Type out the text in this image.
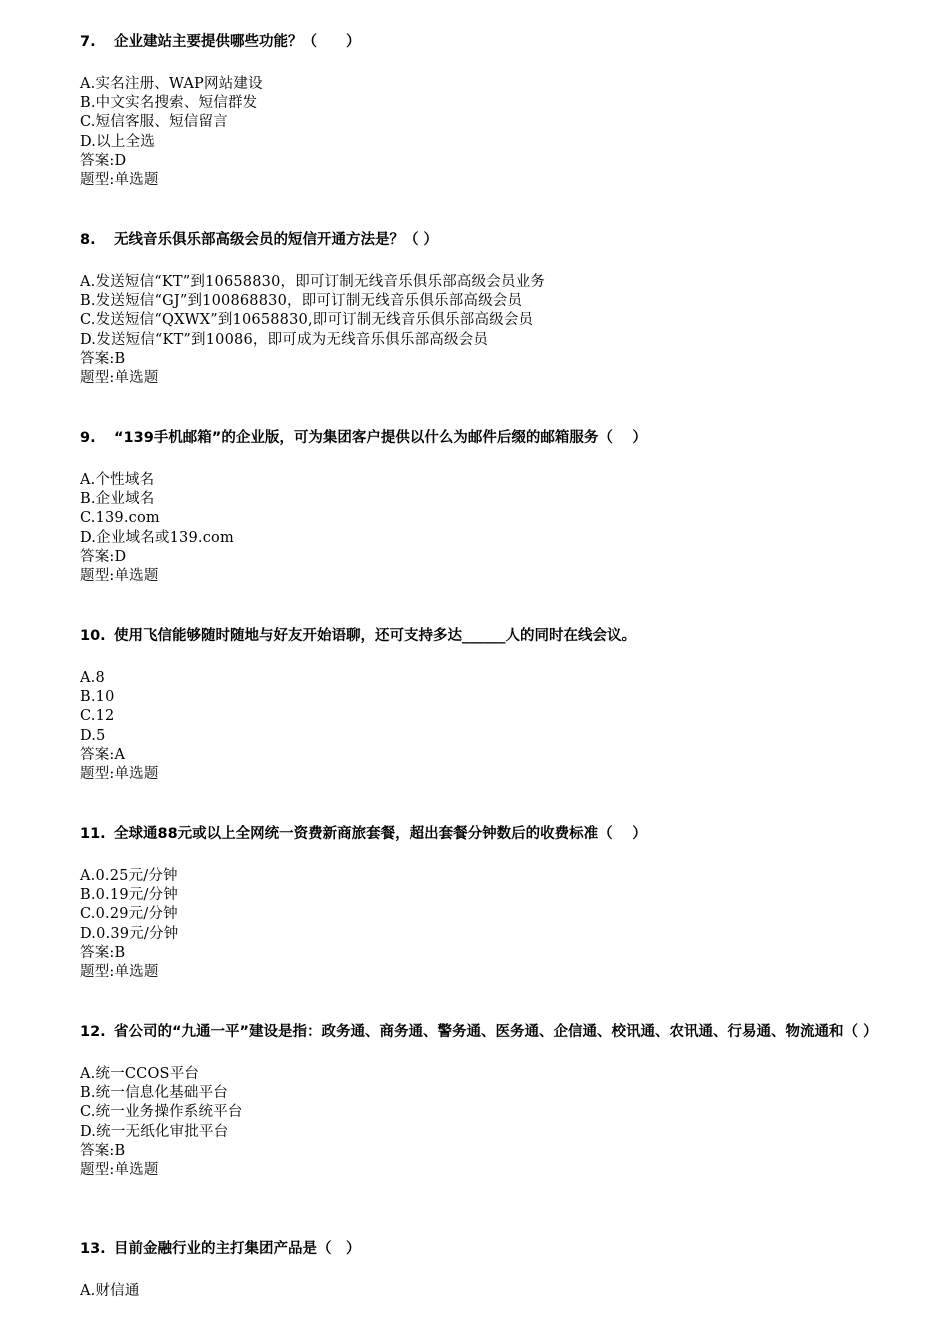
7.	企业建站主要提供哪些功能？（　　）
A.实名注册、WAP网站建设
B.中文实名搜索、短信群发
C.短信客服、短信留言
D.以上全选
答案:D
题型:单选题
8.	无线音乐俱乐部高级会员的短信开通方法是？（ ）
A.发送短信“KT”到10658830，即可订制无线音乐俱乐部高级会员业务
B.发送短信“GJ”到100868830，即可订制无线音乐俱乐部高级会员
C.发送短信“QXWX”到10658830,即可订制无线音乐俱乐部高级会员
D.发送短信“KT”到10086，即可成为无线音乐俱乐部高级会员
答案:B
题型:单选题
9.	“139手机邮箱”的企业版，可为集团客户提供以什么为邮件后缀的邮箱服务（　 ）
A.个性域名
B.企业域名
C.139.com
D.企业域名或139.com
答案:D
题型:单选题
10. 使用飞信能够随时随地与好友开始语聊，还可支持多达______人的同时在线会议。
A.8
B.10
C.12
D.5
答案:A
题型:单选题
11. 全球通88元或以上全网统一资费新商旅套餐，超出套餐分钟数后的收费标准（　 ）
A.0.25元/分钟
B.0.19元/分钟
C.0.29元/分钟
D.0.39元/分钟
答案:B
题型:单选题
12. 省公司的“九通一平”建设是指：政务通、商务通、警务通、医务通、企信通、校讯通、农讯通、行易通、物流通和（ ）
A.统一CCOS平台
B.统一信息化基础平台
C.统一业务操作系统平台
D.统一无纸化审批平台
答案:B
题型:单选题
13. 目前金融行业的主打集团产品是（　）
A.财信通
